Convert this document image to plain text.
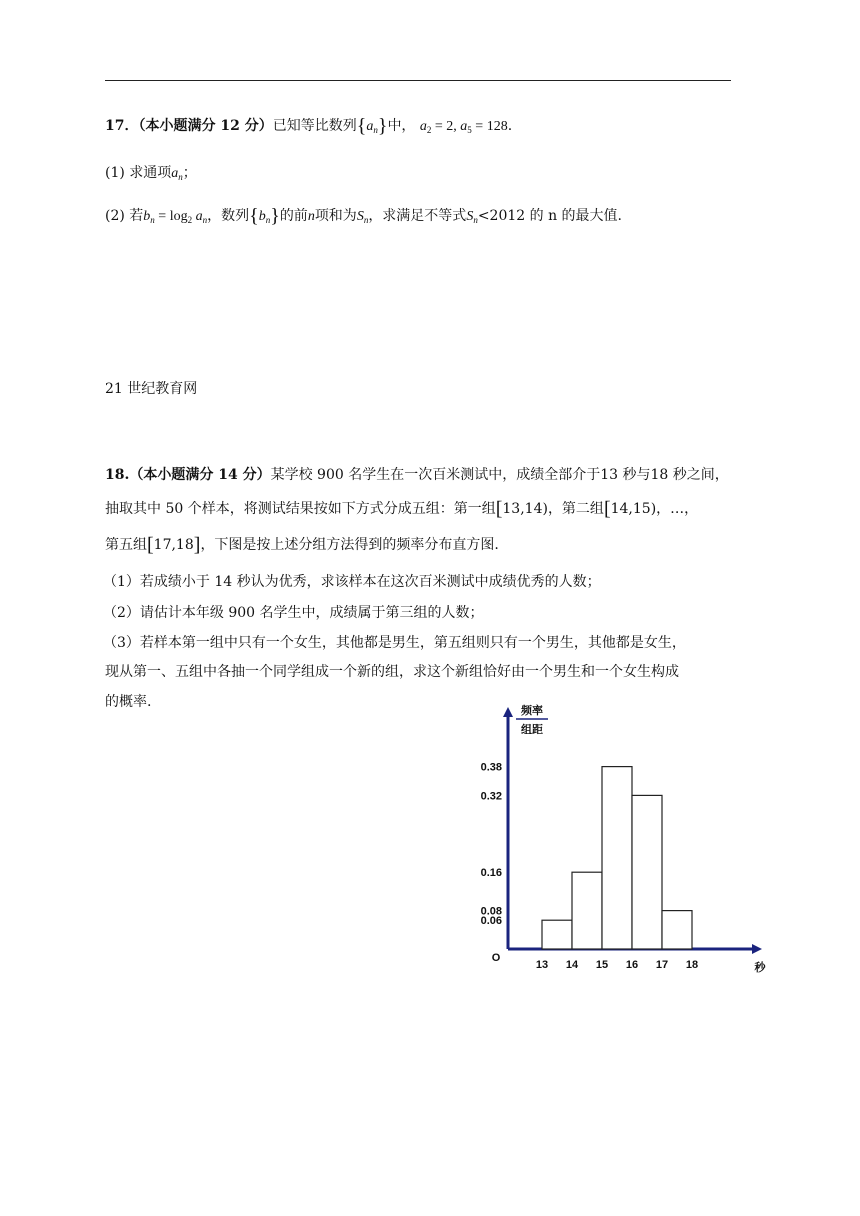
17．（本小题满分 12 分）已知等比数列$\{a_n\}$中， $a_2 = 2$, $a_5 = 128$.
(1) 求通项$a_n$；
(2) 若$b_n = \log_2 a_n$，数列$\{b_n\}$的前n项和为$S_n$，求满足不等式$S_n<2012$ 的 n 的最大值.
21 世纪教育网
18.（本小题满分 14 分）某学校 900 名学生在一次百米测试中，成绩全部介于13 秒与18 秒之间，
抽取其中 50 个样本，将测试结果按如下方式分成五组：第一组[13,14)，第二组[14,15)，…，
第五组[17,18]，下图是按上述分组方法得到的频率分布直方图.
（1）若成绩小于 14 秒认为优秀，求该样本在这次百米测试中成绩优秀的人数；
（2）请估计本年级 900 名学生中，成绩属于第三组的人数；
（3）若样本第一组中只有一个女生，其他都是男生，第五组则只有一个男生，其他都是女生，
现从第一、五组中各抽一个同学组成一个新的组，求这个新组恰好由一个男生和一个女生构成
的概率.
0.38
0.32
0.16
0.08
0.06
13 14 15 16 17 18
O
秒
频率
组距
